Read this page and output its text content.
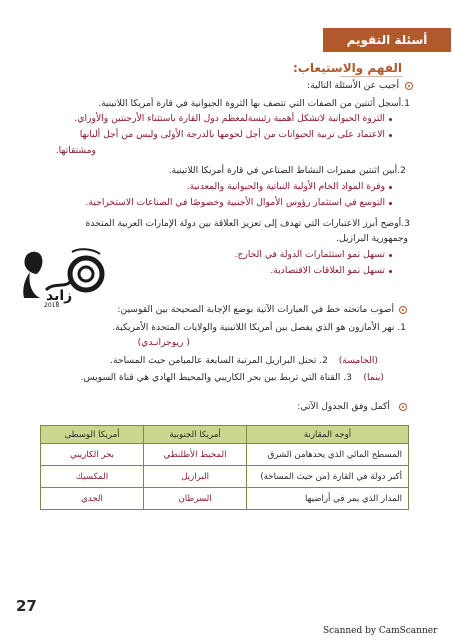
أسئلة التقويم
الفهم والاستيعاب:
أجيب عن الأسئلة التالية:
1.أسجل أثنتين من الصفات التي تتصف بها الثروة الحيوانية في قارة أمريكا اللاتينية.
الثروة الحيوانية لاتشكل أهمية رئيسةلمعظم دول القارة باستثناء الأرجنتين والأوراي.
الاعتماد على تربية الحيوانات من أجل لحومها بالدرجة الأولى وليس من أجل ألبانها
ومشتقاتها.
2.أبين اثنتين مميزات النشاط الصناعي في قارة أمريكا اللاتينية.
وفرة المواد الخام الأولية النباتية والحيوانية والمعدنية.
التوسع في استثمار رؤوس الأموال الأجنبية وخصوصًا في الصناعات الاستخراجية.
3.أوضح أبرز الاعتبارات التي تهدف إلى تعزيز العلاقة بين دولة الإمارات العربية المتحدة
وجمهورية البرازيل.
تسهل نمو استثمارات الدولة في الخارج.
تسهل نمو العلاقات الاقتصادية.
زايد
2018	أصوب ماتحته خط في العبارات الآتية بوضع الإجابة الصحيحة بين القوسين:
1. نهر الأمازون هو الذي يفصل بين أمريكا اللاتينية والولايات المتحدة الأمريكية.
( ريوجرانـدي)
2. تحتل البرازيل المرتبة السابعة عالميامن حيث المساحة. (الخامسة)
3. القناة التي تربط بين بحر الكاريبي والمحيط الهادي هي قناة السويس. (بنما)
أكمل وفق الجدول الآتي:
أوجه المقارنة	أمريكا الجنوبية	أمريكا الوسطى
المسطح المائي الذي يحدهامن الشرق	المحيط الأطلنطي	بحر الكاريبي
أكبر دولة في القارة (من حيث المساحة)	البرازيل	المكسيك
المدار الذي يمر في أراضيها	السرطان	الجدي
27
Scanned by CamScanner
